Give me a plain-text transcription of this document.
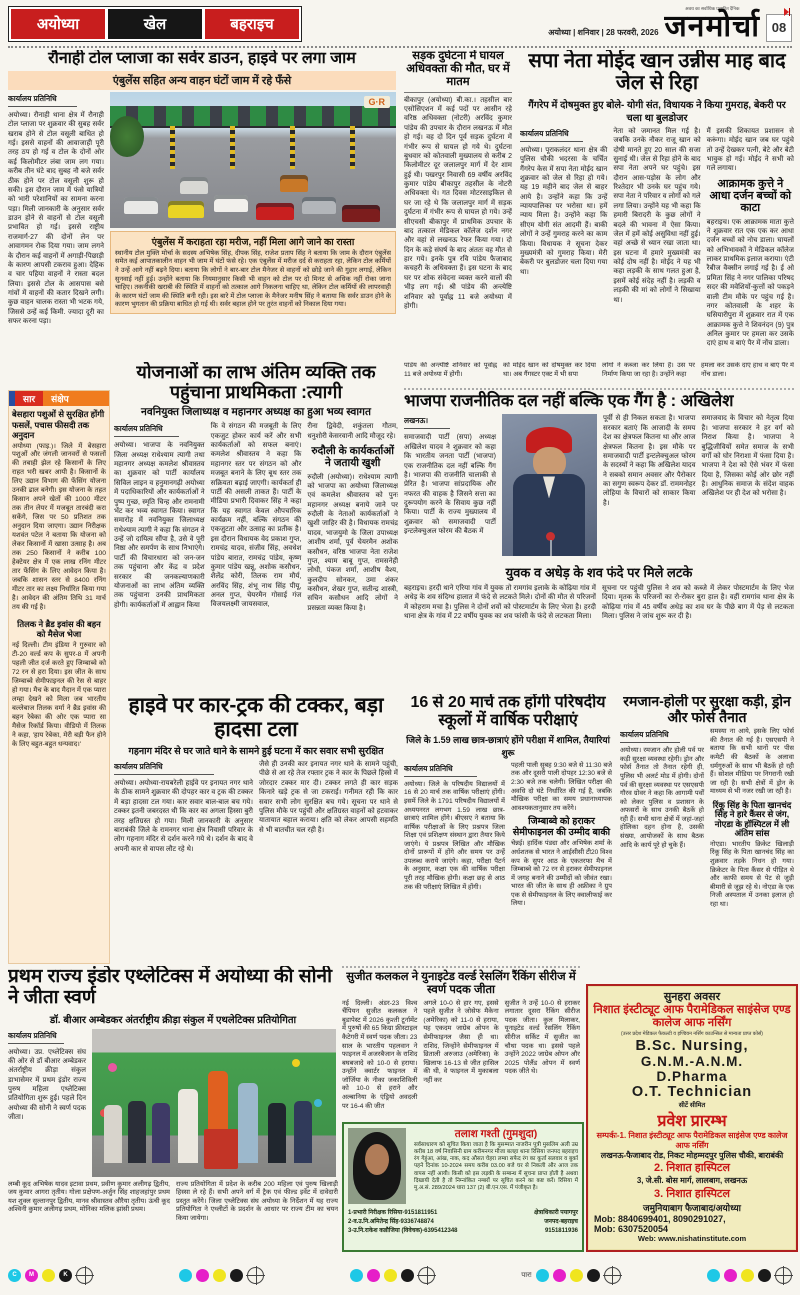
अयोध्या	खेल	बहराइच	अयोध्या | शनिवार | 28 फरवरी, 2026
अवध का सर्वाधिक प्रसारित दैनिक
जनमोर्चा 08
रौनाही टोल प्लाजा का सर्वर डाउन, हाइवे पर लगा जाम
एंबुलेंस सहित अन्य वाहन घंटों जाम में रहे फँसे
कार्यालय प्रतिनिधि
अयोध्या। रौनाही थाना क्षेत्र में रौनाही टोल प्लाजा पर शुक्रवार की सुबह सर्वर खराब होने से टोल वसूली बाधित हो गई। इससे वाहनों की आवाजाही पूरी तरह ठप हो गई व टोल के दोनों ओर कई किलोमीटर लंबा जाम लग गया। करीब तीन घंटे बाद सुबह नौ बजे सर्वर ठीक होने पर टोल वसूली शुरू हो सकी। इस दौरान जाम में फंसे यात्रियों को भारी परेशानियों का सामना करना पड़ा। मिली जानकारी के अनुसार सर्वर डाउन होने से वाहनों से टोल वसूली प्रभावित हो गई। इससे राष्ट्रीय राजमार्ग-27 की दोनों लेन पर आवागमन रोक दिया गया। जाम लगने के दौरान कई वाहनों में अगाड़ी-पिछाड़ी के कारण आपसी टकराव हुआ। देहिक व चार पहिया वाहनों ने रास्ता बदल लिया। इससे टोल के आसपास बसे गांवों में वाहनों की कतार दिखने लगी। कुछ वाहन चालक रास्ता भी भटक गये, जिससे उन्हें कई किमी. ज्यादा दूरी का सफर करना पड़ा।
G·R
एंबुलेंस में कराहता रहा मरीज, नहीं मिला आगे जाने का रास्ता
स्थानीय टोल मुक्ति मोर्चा के सदस्य अभिषेक सिंह, दीपक सिंह, राजेश प्रताप सिंह ने बताया कि जाम के दौरान एंबुलेंस समेत कई आपातकालीन वाहन भी जाम में घंटों फंसे रहे। एक एंबुलेंस में मरीज दर्द से कराहता रहा, लेकिन टोल कर्मियों ने उन्हें आगे नहीं बढ़ने दिया। बताया कि लोगों ने बार-बार टोल मैनेजर से वाहनों को छोड़े जाने की गुहार लगाई, लेकिन सुनवाई नहीं हुई। उन्होंने बताया कि नियमानुसार किसी भी वाहन को टोल पर दो मिनट से अधिक नहीं रोका जाना चाहिए। तकनीकी खराबी की स्थिति में वाहनों को तत्काल आगे निकलना चाहिए था, लेकिन टोल कर्मियों की लापरवाही के कारण घंटों जाम की स्थिति बनी रही। इस बारे में टोल प्लाजा के मैनेजर मनीष सिंह ने बताया कि सर्वर डाउन होने के कारण भुगतान की प्रक्रिया बाधित हो गई थी। सर्वर बहाल होने पर तुरंत वाहनों को निकाल दिया गया।
सड़क दुर्घटना में घायल अधिवक्ता की मौत, घर में मातम
बीकापुर (अयोध्या) बी.का.। तहसील बार एसोसिएशन में कई पदों पर आसीन रहे वरिष्ठ अधिवक्ता (नोटरी) अरविंद कुमार पांडेय की उपचार के दौरान लखनऊ में मौत हो गई। वह दो दिन पूर्व सड़क दुर्घटना में गंभीर रूप से घायल हो गये थे। दुर्घटना बुधवार को कोतवाली मुख्यालय से करीब 2 किलोमीटर दूर जलालपुर मार्ग में देर शाम हुई थी। पखरपुर निवासी 69 वर्षीय अरविंद कुमार पांडेय बीकापुर तहसील के नोटरी अधिवक्ता थे। गत दिवस मोटरसाइकिल से घर जा रहे थे कि जलालपुर मार्ग में सड़क दुर्घटना में गंभीर रूप से घायल हो गये। उन्हें सीएचसी बीकापुर में प्राथमिक उपचार के बाद तत्काल मेडिकल कॉलेज दर्शन नगर और वहां से लखनऊ रेफर किया गया। दो दिन के कड़े संघर्ष के बाद अंततः वह मौत से हार गये। इनके पुत्र रवि पांडेय फैजाबाद कचहरी के अधिवक्ता हैं। इस घटना के बाद घर पर शोक संवेदना व्यक्त करने वालों की भीड़ लग गई। श्री पांडेय की अन्त्येष्टि शनिवार को पूर्वाह्न 11 बजे अयोध्या में होगी।
सपा नेता मोईद खान उन्नीस माह बाद जेल से रिहा
गैंगरेप में दोषमुक्त हुए बोले- योगी संत, विधायक ने किया गुमराह, बेकरी पर चला था बुलडोजर
कार्यालय प्रतिनिधि
अयोध्या। पूराकलंदर थाना क्षेत्र की पुलिस चौकी भदरसा के चर्चित गैंगरेप केस में सपा नेता मोईद खान शुक्रवार को जेल से रिहा हो गये। यह 19 महीने बाद जेल से बाहर आये है। उन्होंने कहा कि उन्हें न्यायपालिका पर भरोसा था। हमें न्याय मिला है। उन्होंने कहा कि सीएम योगी संत आदमी हैं। बाकी लोगों ने उन्हें गुमराह करने का काम किया। विधायक ने सूचना देकर मुख्यमंत्री को गुमराह किया। मेरी बेकरी पर बुलडोजर चला दिया गया था।
नेता को जमानत मिल गई है। जबकि उनके नौकर राजू खान को दोषी मानते हुए 20 साल की सजा सुनाई थी। जेल से रिहा होने के बाद सपा नेता अपने घर पहुंचे। इस दौरान आस-पड़ोस के लोग और रिश्तेदार भी उनके घर पहुंच गये। सपा नेता ने परिवार व लोगों को गले लगा लिया। उन्होंने यह भी कहा कि हमारी बिरादरी के कुछ लोगों ने बदले की भावना में ऐसा किया। जेल में हमें कोई असुविधा नहीं हुई। वहां अच्छे से ध्यान रखा जाता था। इस घटना में हमारे मुख्यमंत्री का कोई दोष नहीं है। मोईद ने यह भी कहा लड़की के साथ गलत हुआ है, इसमें कोई संदेह नहीं है। लड़की व लड़की की मां को लोगों ने सिखाया था।
मैं इसकी शिकायत प्रशासन से करूंगा। मोईद खान जब घर पहुंचे तो उन्हें देखकर पत्नी, बेटे और बेटी भावुक हो गई। मोईद ने सभी को गले लगाया।
आक्रामक कुत्ते ने आधा दर्जन बच्चों को काटा
बहराइच। एक आक्रामक माता कुत्ते ने शुक्रवार रात एक एक कर आधा दर्जन बच्चों को नोच डाला। घायलों को अभिभावकों ने मेडिकल कॉलेज लाकर प्राथमिक इलाज कराया। एंटी रैबीज वैक्सीन लगाई गई है। ई ओ प्रमिता सिंह ने नगर पालिका परिषद सदर की मवेशियों-कुत्तों को पकड़ने वाली टीम मौके पर पहुंच गई है। नगर कोतवाली के शहर के घसियारीपुरा में शुक्रवार रात में एक आक्रामक कुत्ते ने शिवनंदन (9) पुत्र अनिल कुमार पर हमला कर उसके दाएं हाथ व बाएं पैर में नोंच डाला।
सार	संक्षेप
बेसहारा पशुओं से सुरक्षित होंगी फसलें, पचास फीसदी तक अनुदान
अयोध्या (फाइ.)। जिले में बेसहारा पशुओं और जंगली जानवरों से फसलों की तबाही झेल रहे किसानों के लिए राहत भरी खबर आयी है। किसानों के लिए उद्यान विभाग की फेंसिंग योजना उनकी ढाल बनेगी। इस योजना के तहत किसान अपने खेतों की 1000 मीटर तक तीन लेयर में मजबूत तारबंदी करा सकेंगे, जिस पर 50 प्रतिशत तक अनुदान दिया जाएगा। उद्यान निरीक्षक यशवंत पटेल ने बताया कि योजना को लेकर किसानों में खासा उत्साह है। अब तक 250 किसानों ने करीब 100 हेक्टेयर क्षेत्र में एक लाख रनिंग मीटर तार फेंसिंग के लिए आवेदन किया है। जबकि शासन स्तर से 8400 रनिंग मीटर तार का लक्ष्य निर्धारित किया गया है। आवेदन की अंतिम तिथि 31 मार्च तय की गई है।
तिलक ने ब्रैड इवांस की बहन को मैसेज भेजा
नई दिल्ली। टीम इंडिया ने गुरुवार को टी-20 वर्ल्ड कप के सुपर-8 में अपनी पहली जीत दर्ज करते हुए जिम्बाब्वे को 72 रन से हरा दिया। इस जीत के साथ जिम्बाब्वे सेमीफाइनल की रेस से बाहर हो गया। मैच के बाद मैदान में एक प्यारा लम्हा देखने को मिला जब भारतीय बल्लेबाज तिलक वर्मा ने ब्रैड इवांस की बहन रेबेका की ओर एक प्यारा सा मैसेज रिकॉर्ड किया। वीडियो में तिलक ने कहा, 'हाय रेबेका, मेरी बड़ी फैन होने के लिए बहुत-बहुत धन्यवाद।'
योजनाओं का लाभ अंतिम व्यक्ति तक पहुंचाना प्राथमिकता :त्यागी
नवनियुक्त जिलाध्यक्ष व महानगर अध्यक्ष का हुआ भव्य स्वागत
कार्यालय प्रतिनिधि
अयोध्या। भाजपा के नवनियुक्त जिला अध्यक्ष राधेश्याम त्यागी तथा महानगर अध्यक्ष कमलेश श्रीवास्तव का शुक्रवार को पार्टी कार्यालय सिविल लाइन व हनुमानगढ़ी अयोध्या में पदाधिकारियों और कार्यकर्ताओं ने पुष्प गुच्छ, स्मृति चिन्ह और रामनामी भेंट कर भव्य स्वागत किया। स्वागत समारोह में नवनियुक्त जिलाध्यक्ष राधेश्याम त्यागी ने कहा कि संगठन ने उन्हें जो दायित्व सौंपा है, उसे वे पूरी निष्ठा और समर्पण के साथ निभाएंगे। पार्टी की विचारधारा को जन-जन तक पहुंचाना और केंद्र व प्रदेश सरकार की जनकल्याणकारी योजनाओं का लाभ अंतिम व्यक्ति तक पहुंचाना उनकी प्राथमिकता होगी। कार्यकर्ताओं में आह्वान किया
कि वे संगठन की मजबूती के लिए एकजुट होकर कार्य करें और सभी कार्यकर्ताओं को सफल बनाएं। कमलेश श्रीवास्तव ने कहा कि महानगर स्तर पर संगठन को और मजबूत बनाने के लिए बूथ स्तर तक सक्रियता बढ़ाई जाएगी। कार्यकर्ता ही पार्टी की असली ताकत हैं। पार्टी के मीडिया प्रभारी दिवाकर सिंह ने कहा कि यह स्वागत केवल औपचारिक कार्यक्रम नहीं, बल्कि संगठन की एकजुटता और उत्साह का प्रतीक है। इस दौरान विधायक वेद प्रकाश गुप्त, रामचंद्र यादव, संजीव सिंह, अवधेश पांडेय बारात, रामचंद्र पांडेय, कृष्ण कुमार पांडेय खन्नू, अशोक कसौधन, शैलेंद्र कोरी, तिलक राम मौर्य, अरविंद सिंह, शंभू नाथ सिंह पीयू, अनल गुप्त, चेयरमैन गोसाई गंज विजयलक्ष्मी जायसवाल,
रीना द्विवेदी, शकुंतला गौतम, धनुशोरी केसरवानी आदि मौजूद रहे।
रुदौली के कार्यकर्ताओं ने जतायी खुशी
रुदौली (अयोध्या)। राधेश्याम त्यागी को भाजपा का अयोध्या जिलाध्यक्ष एवं कमलेश श्रीवास्तव को पुनः महानगर अध्यक्ष बनाये जाने पर रुदौली के नेताओं कार्यकर्ताओं ने खुशी जाहिर की है। विधायक रामचंद्र यादव, भाजयुमो के जिला उपाध्यक्ष आशीष शर्मा, पूर्व चेयरमैन अशोक कसौधन, वरिष्ठ भाजपा नेता राजेश गुप्त, श्याम बाबू गुप्त, रामसनेही लोधी, पंकज शर्मा, आशीष वैश्य, कुलदीप सोनकर, उमा शंकर कसौधन, शेखर गुप्त, सतीन्द्र शास्त्री, सचिन कसौधन आदि लोगों ने प्रसन्नता व्यक्त किया है।
पांडेय की अन्त्येष्टि शनिवार को पूर्वाह्न 11 बजे अयोध्या में होगी।
को मोईद खान को दोषमुक्त कर दिया था। अब गैंगस्टर एक्ट में भी सपा
लोगों ने कब्जा कर लिया है। उस पर निर्माण किया जा रहा है। उन्होंने कहा
हमला कर उसके दाएं हाथ व बाएं पैर में नोंच डाला।
भाजपा राजनीतिक दल नहीं बल्कि एक गैंग है : अखिलेश
लखनऊ।
समाजवादी पार्टी (सपा) अध्यक्ष अखिलेश यादव ने शुक्रवार को कहा कि भारतीय जनता पार्टी (भाजपा) एक राजनीतिक दल नहीं बल्कि गैंग है। भाजपा की राजनीति चालाकी से प्रेरित है। भाजपा सांप्रदायिक और नफरत की वाहक है जिसने सत्ता का दुरूपयोग करने के सिवाय कुछ नहीं किया। पार्टी के राज्य मुख्यालय में शुक्रवार को समाजवादी पार्टी इन्टलेक्चुअल फोरम की बैठक में
पूर्वी से ही निकल सकता है। भाजपा सरकार बताएं कि आजादी के समय देश का क्षेत्रफल कितना था और आज क्षेत्रफल कितना है। इस मौके पर समाजवादी पार्टी इन्टलेक्चुअल फोरम के सदस्यों ने कहा कि अखिलेश यादव ने सबको समान अवसर और पैरोकार का सगुण स्वरूप देकर डॉ. राममनोहर लोहिया के विचारों को साकार किया है।
समाजवाद के विचार को नेतृत्व दिया है। भाजपा सरकार ने हर वर्ग को निराश किया है। भाजपा ने बुद्धिजीवियों समेत समाज के सभी वर्गों को घोर निराशा में फंसा दिया है। भाजपा ने देश को ऐसे भंवर में फंसा दिया है, जिसका कोई ओर छोर नहीं है। आधुनिक समाज के संदेश वाहक अखिलेश पर ही देश को भरोसा है।
युवक व अधेड़ के शव फंदे पर मिले लटके
बहराइच। हरदी थाने एरिया गांव में युवक तो रामगांव इलाके के कोढ़िया गांव में अधेड़ के शव संदिग्ध हालात में फंदे से लटकते मिले। दोनों की मौत से परिजनों में कोहराम मचा है। पुलिस ने दोनों शवों को पोस्टमार्टम के लिए भेजा है। हरदी थाना क्षेत्र के गांव में 22 वर्षीय युवक का शव फांसी के फंदे से लटकता मिला।
सूचना पर पहुंची पुलिस ने शव को कब्जे में लेकर पोस्टमार्टम के लिए भेज दिया। मृतक के परिजनों का रो-रोकर बुरा हाल है। वहीं रामगांव थाना क्षेत्र के कोढ़िया गांव में 45 वर्षीय अधेड़ का शव घर के पीछे बाग में पेड़ से लटकता मिला। पुलिस ने जांच शुरू कर दी है।
हाइवे पर कार-ट्रक की टक्कर, बड़ा हादसा टला
गहनाग मंदिर से घर जाते थाने के सामने हुई घटना में कार सवार सभी सुरक्षित
कार्यालय प्रतिनिधि
अयोध्या। अयोध्या-रायबरेली हाईवे पर इनायत नगर थाने के ठीक सामने शुक्रवार की दोपहर कार व ट्रक की टक्कर में बड़ा हादसा टल गया। कार सवार बाल-बाल बच गये। टक्कर इतनी जबरदस्त थी कि कार का अगला हिस्सा बुरी तरह क्षतिग्रस्त हो गया। मिली जानकारी के अनुसार बाराबंकी जिले के रामनगर थाना क्षेत्र निवासी परिवार के लोग गहनाग मंदिर से दर्शन करने गये थे। दर्शन के बाद वे अपनी कार से वापस लौट रहे थे।
जैसे ही उनकी कार इनायत नगर थाने के सामने पहुंची, पीछे से आ रहे तेज रफ्तार ट्रक ने कार के पिछले हिस्से में जोरदार टक्कर मार दी। टक्कर लगते ही कार सड़क किनारे खड़े ट्रक से जा टकराई। गनीमत रही कि कार सवार सभी लोग सुरक्षित बच गये। सूचना पर थाने से पुलिस मौके पर पहुंची और क्षतिग्रस्त वाहनों को हटवाकर यातायात बहाल कराया। क्षति को लेकर आपसी सहमति से भी बातचीत चल रही है।
16 से 20 मार्च तक होंगी परिषदीय स्कूलों में वार्षिक परीक्षाएं
जिले के 1.59 लाख छात्र-छात्राएं होंगे परीक्षा में शामिल, तैयारियां शुरू
कार्यालय प्रतिनिधि
अयोध्या। जिले के परिषदीय विद्यालयों में 16 से 20 मार्च तक वार्षिक परीक्षाएं होंगी। इसमें जिले के 1791 परिषदीय विद्यालयों में अध्ययनरत लगभग 1.59 लाख छात्र-छात्राएं शामिल होंगे। बीएसए ने बताया कि वार्षिक परीक्षाओं के लिए प्रश्नपत्र जिला शिक्षा एवं प्रशिक्षण संस्थान द्वारा तैयार किये जाएंगे। ये प्रश्नपत्र लिखित और मौखिक दोनों प्रारूपों में होंगे और समय पर उन्हें उपलब्ध कराये जाएंगे। कहा, परीक्षा पैटर्न के अनुसार, कक्षा एक की वार्षिक परीक्षा पूरी तरह मौखिक होगी। कक्षा छह से आठ तक की परीक्षाएं लिखित में होंगी।
पहली पाली सुबह 9:30 बजे से 11:30 बजे तक और दूसरी पाली दोपहर 12:30 बजे से 2:30 बजे तक चलेगी। लिखित परीक्षा की अवधि दो घंटे निर्धारित की गई है, जबकि मौखिक परीक्षा का समय प्रधानाध्यापक आवश्यकतानुसार तय करेंगे।
जिम्बाब्वे को हराकर सेमीफाइनल की उम्मीद बाकी
चेन्नई। हार्दिक पंड्या और अभिषेक शर्मा के अर्धशतक से भारत ने आईसीसी टी20 विश्व कप के सुपर आठ के एकतरफा मैच में जिम्बाब्वे को 72 रन से हराकर सेमीफाइनल में जगह बनाने की उम्मीदों को जीवंत रखा। भारत की जीत के साथ ही अफ्रीका ने ग्रुप एक से सेमीफाइनल के लिए क्वालीफाई कर लिया।
रमजान-होली पर सुरक्षा कड़ी, ड्रोन और फोर्स तैनात
कार्यालय प्रतिनिधि
अयोध्या। रमजान और होली पर्व पर कड़ी सुरक्षा व्यवस्था रहेगी। ड्रोन और फोर्स तैनात तो तैनात रहेगी ही, पुलिस भी अलर्ट मोड में होगी। दोनों पर्व की सुरक्षा व्यवस्था पर एसएसपी गौरव ग्रोवर ने कहा कि आगामी पर्वों को लेकर पुलिस व प्रशासन के अफसरों के साथ उनकी बैठकें हो रही हैं। सभी थाना क्षेत्रों में जहां-जहां होलिका दहन होना है, उसकी संख्या, आयोजकों के साथ बैठक आदि के कार्य पूरे हो चुके हैं।
समस्या ना आये, इसके लिए फोर्स की तैनात की गई है। एसएसपी ने बताया कि सभी थानों पर पीस कमेटी की बैठकों के अलावा धर्मगुरुओं के साथ भी बैठकें हो रही हैं। सोशल मीडिया पर निगरानी रखी जा रही है। सभी क्षेत्रों में ड्रोन के माध्यम से भी नजर रखी जा रही है।
रिंकू सिंह के पिता खानचंद सिंह ने हारे कैंसर से जंग, नोएडा के हॉस्पिटल में ली अंतिम सांस
नोएडा। भारतीय क्रिकेट खिलाड़ी रिंकू सिंह के पिता खानचंद सिंह का शुक्रवार तड़के निधन हो गया। क्रिकेटर के पिता कैंसर से पीड़ित थे और काफी समय से पेट से जुड़ी बीमारी से जूझ रहे थे। नोएडा के एक निजी अस्पताल में उनका इलाज हो रहा था।
प्रथम राज्य इंडोर एथ्लेटिक्स में अयोध्या की सोनी ने जीता स्वर्ण
डॉ. बीआर अम्बेडकर अंतर्राष्ट्रीय क्रीड़ा संकुल में एथलेटिक्स प्रतियोगिता
कार्यालय प्रतिनिधि
अयोध्या। उप्र. एथ्लेटिक्स संघ की ओर से डॉ बीआर अम्बेडकर अंतर्राष्ट्रीय क्रीड़ा संकुल डाभासेमर में प्रथम इंडोर राज्य पुरुष महिला एथ्लेटिक्स प्रतियोगिता शुरू हुई। पहले दिन अयोध्या की सोनी ने स्वर्ण पदक जीता।
लम्बी कूद अभिषेक यादव इटावा प्रथम, प्रवीण कुमार अलीगढ़ द्वितीय, जय कुमार आगरा तृतीय। गोला प्रक्षेपण-अर्जुन सिंह शाहजहांपुर प्रथम यश शुक्ल सुल्तानपुर द्वितीय, मानव श्रीवास्तव औरैया तृतीय। ऊंची कूद अश्विनी कुमार अलीगढ़ प्रथम, मोनिका मलिक झांसी प्रथम।
राज्य प्रतियोगिता में प्रदेश के करीब 200 महिला एवं पुरुष खिलाड़ी हिस्सा ले रहे हैं। सभी अपने वर्ग में ट्रैक एवं फील्ड इवेंट में दावेदारी प्रस्तुत करेंगे। जिला एथ्लेटिक्स संघ अयोध्या के निर्देशन में यह राज्य प्रतियोगिता ने एथ्लीटों के प्रदर्शन के आधार पर राज्य टीम का चयन किया जायेगा।
सुजीत कलकल ने युनाइटेड वर्ल्ड रेसलिंग रैंकिंग सीरीज में स्वर्ण पदक जीता
नई दिल्ली। अंडर-23 विश्व चैंपियन सुजीत कलकल ने बुडापेस्ट में 2026 कुश्ती टूर्नामेंट में पुरुषों की 65 किग्रा फ्रीस्टाइल कैटेगरी में स्वर्ण पदक जीता। 23 साल के भारतीय पहलवान ने फाइनल में अजरबैजान के राशिद बघबजादे को 10-0 से हराया। उन्होंने क्वार्टर फाइनल में जॉर्जिया के नीका जकाशिविली को 10-0 से हराने और अल्बानिया के एंड्रियो अवदली पर 16-4 की जीत
अगले 10-0 से हार गए, इससे पहले सुजीत ने जोसेफ मैकेना (अमेरिका) को 11-0 से हराया, यह एकदम जाग्रेब ओपन के सेमीफाइनल जैसा ही था। राशिद, जिन्होंने सेमीफाइनल में व्रिताली अरुजाउ (अमेरिका) के खिलाफ 16-13 से जीत हासिल की थी, वे फाइनल में मुकाबला नहीं कर
सुजीत ने उन्हें 10-0 से हराकर लगातार दूसरा रैंकिंग सीरीज पदक जीता। कुल मिलाकर, यूनाइटेड वर्ल्ड रेसलिंग रैंकिंग सीरीज सर्किट में सुजीत का चौथा पदक था। इससे पहले उन्होंने 2022 जाग्रेब ओपन और 2025 पोलैंड ओपन में स्वर्ण पदक जीते थे।
तलाश गश्ती (गुमशुदा)
सर्वसाधारण को सूचित किया जाता है कि मुसम्मात नाजरीन पुत्री मुसलिम अली उम्र करीब 18 वर्ष निवासिनी ग्राम करीमनगर मौजा बलहा थाना रिसिया जनपद बहराइच रंग गेहुंआ, आंख, नाक, कद औसत चेहरा लम्बा सफेद रंग का कुर्ता सलवार व बुर्का पहने दिनांक 10-2024 समय करीब 03.00 बजे घर से निकली और आज तक वापस नहीं आयी। किसी को इस लड़की के सम्बन्ध में सूचना प्राप्त होती है अथवा दिखायी देती है तो निम्नांकित नम्बरों पर सूचित करने का कष्ट करें। रिसिया में मु.अ.सं. 289/2024 धारा 137 (2) बी.एन.एस. में पंजीकृत है।
1-प्रभारी निरीक्षक रिसिया-9151811951
2-व.उ.नि.अमितेन्द्र सिंह-9336748874
3-उ.नि.राकेश कन्नौजिया (विवेचक)-6395412348
क्षेत्राधिकारी पयागपुर
जनपद-बहराइच
9151811936
सुनहरा अवसर
निशात इंस्टीट्यूट आफ पैरामेडिकल साइंसेज एण्ड कालेज आफ नर्सिंग
(उत्तर प्रदेश मेडिकल फैकल्टी व इण्डियन नर्सिंग काउन्सिल से मान्यता प्राप्त कोर्स)
B.Sc. Nursing,
G.N.M.-A.N.M.
D.Pharma
O.T. Technician
सीटें सीमित
प्रवेश प्रारम्भ
सम्पर्कः-1. निशात इंस्टीट्यूट आफ पैरामेडिकल साइंसेज एण्ड कालेज आफ नर्सिंग
लखनऊ-फैजाबाद रोड, निकट मोहम्मदपुर पुलिस चौकी, बाराबंकी
2. निशात हास्पिटल
3, जे.सी. बोस मार्ग, लालबाग, लखनऊ
3. निशात हास्पिटल
जमुनियाबाग फैजाबाद/अयोध्या
Mob: 8840699401, 8090291027,
Mob: 6307520054
Web: www.nishatinstitute.com
C M	K	पार!
